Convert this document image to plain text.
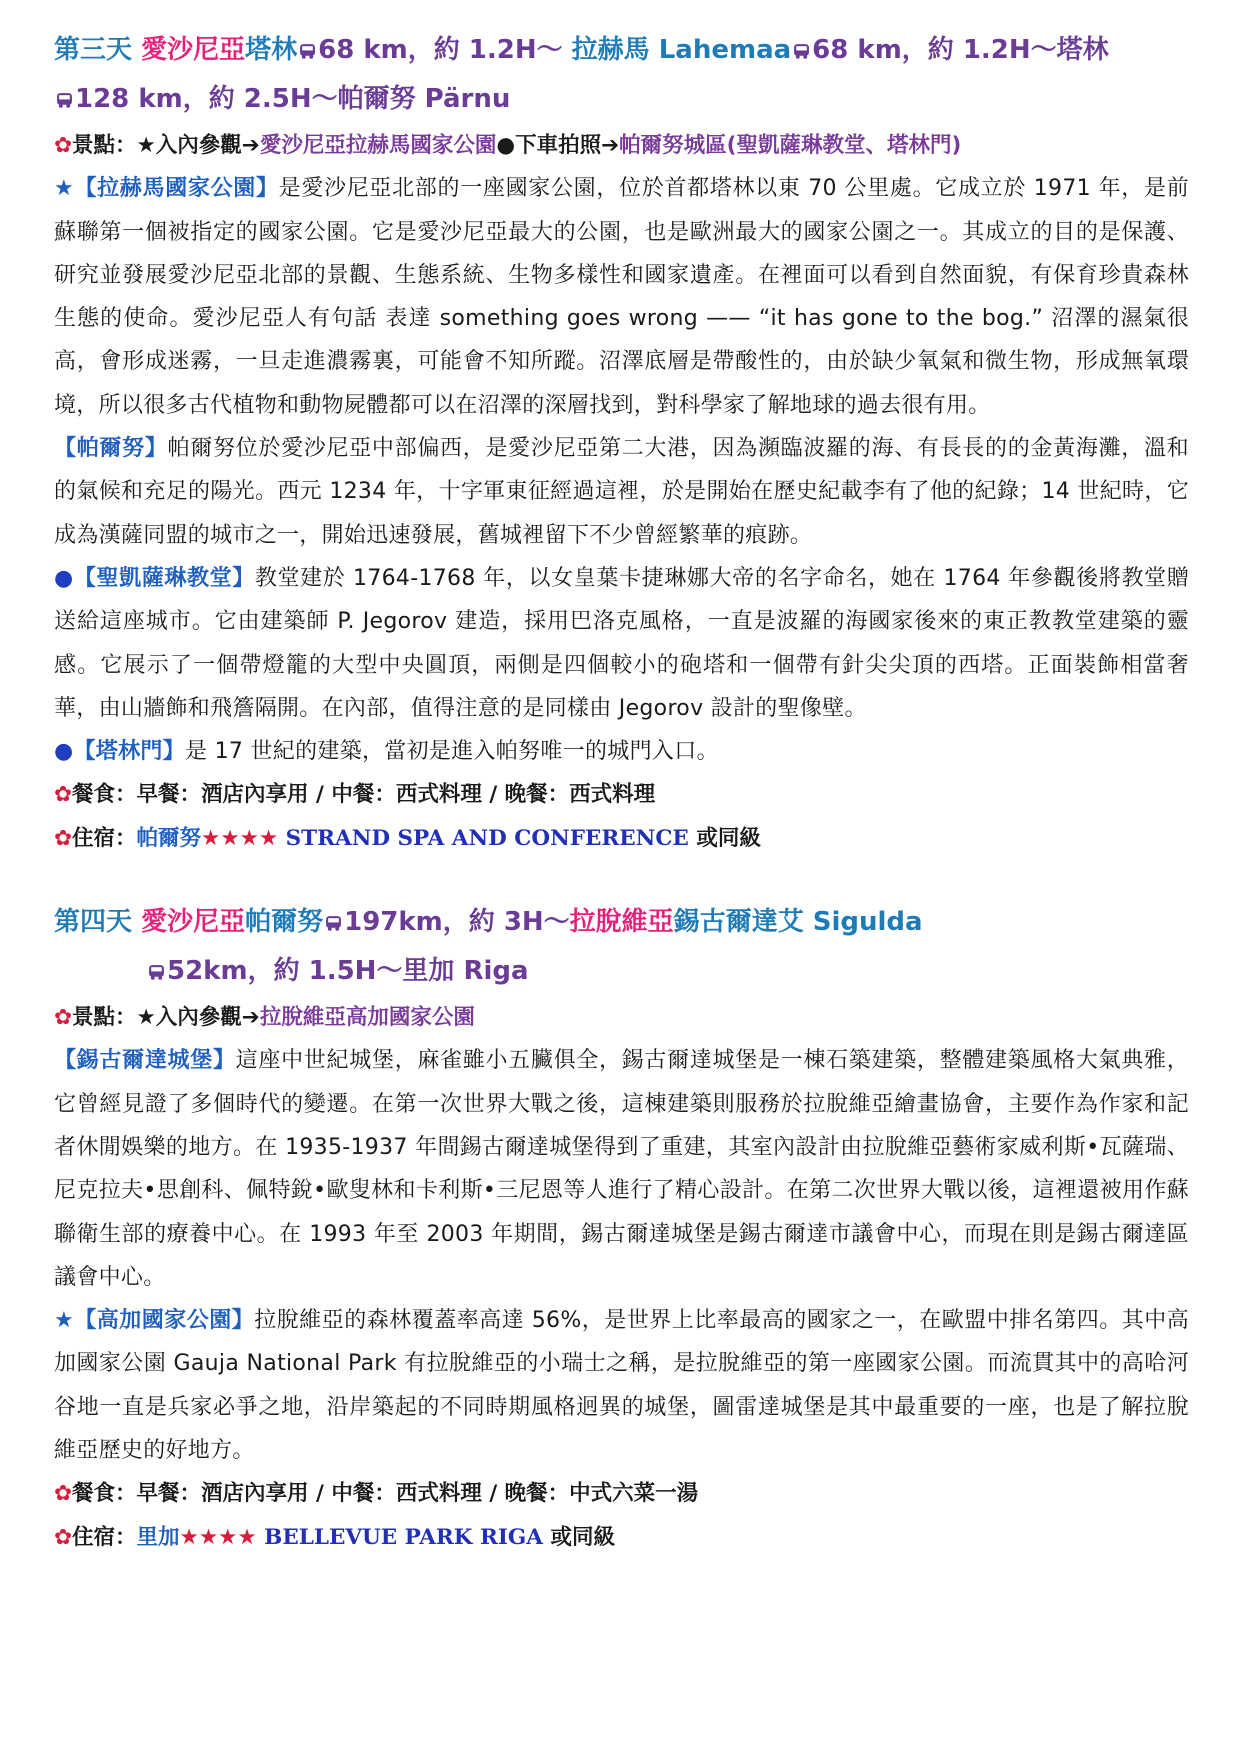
第三天 愛沙尼亞塔林 68 km，約 1.2H～ 拉赫馬 Lahemaa 68 km，約 1.2H～塔林
128 km，約 2.5H～帕爾努 Pärnu

✿景點：★入內參觀➔愛沙尼亞拉赫馬國家公園●下車拍照➔帕爾努城區(聖凱薩琳教堂、塔林門)

★【拉赫馬國家公園】是愛沙尼亞北部的一座國家公園，位於首都塔林以東 70 公里處。它成立於 1971 年，是前蘇聯第一個被指定的國家公園。它是愛沙尼亞最大的公園，也是歐洲最大的國家公園之一。其成立的目的是保護、研究並發展愛沙尼亞北部的景觀、生態系統、生物多樣性和國家遺產。在裡面可以看到自然面貌，有保育珍貴森林生態的使命。愛沙尼亞人有句話 表達 something goes wrong —— “it has gone to the bog.” 沼澤的濕氣很高，會形成迷霧，一旦走進濃霧裏，可能會不知所蹤。沼澤底層是帶酸性的，由於缺少氧氣和微生物，形成無氧環境，所以很多古代植物和動物屍體都可以在沼澤的深層找到，對科學家了解地球的過去很有用。

【帕爾努】帕爾努位於愛沙尼亞中部偏西，是愛沙尼亞第二大港，因為瀕臨波羅的海、有長長的的金黃海灘，溫和的氣候和充足的陽光。西元 1234 年，十字軍東征經過這裡，於是開始在歷史紀載李有了他的紀錄；14 世紀時，它成為漢薩同盟的城市之一，開始迅速發展，舊城裡留下不少曾經繁華的痕跡。

●【聖凱薩琳教堂】教堂建於 1764-1768 年，以女皇葉卡捷琳娜大帝的名字命名，她在 1764 年參觀後將教堂贈送給這座城市。它由建築師 P. Jegorov 建造，採用巴洛克風格，一直是波羅的海國家後來的東正教教堂建築的靈感。它展示了一個帶燈籠的大型中央圓頂，兩側是四個較小的砲塔和一個帶有針尖尖頂的西塔。正面裝飾相當奢華，由山牆飾和飛簷隔開。在內部，值得注意的是同樣由 Jegorov 設計的聖像壁。

●【塔林門】是 17 世紀的建築，當初是進入帕努唯一的城門入口。

✿餐食：早餐：酒店內享用 / 中餐：西式料理 / 晚餐：西式料理

✿住宿：帕爾努★★★★ STRAND SPA AND CONFERENCE 或同級

第四天 愛沙尼亞帕爾努 197km，約 3H～拉脫維亞錫古爾達艾 Sigulda
52km，約 1.5H～里加 Riga

✿景點：★入內參觀➔拉脫維亞高加國家公園

【錫古爾達城堡】這座中世紀城堡，麻雀雖小五臟俱全，錫古爾達城堡是一棟石築建築，整體建築風格大氣典雅，它曾經見證了多個時代的變遷。在第一次世界大戰之後，這棟建築則服務於拉脫維亞繪畫協會，主要作為作家和記者休閒娛樂的地方。在 1935-1937 年間錫古爾達城堡得到了重建，其室內設計由拉脫維亞藝術家威利斯•瓦薩瑞、尼克拉夫•思創科、佩特銳•歐叟林和卡利斯•三尼恩等人進行了精心設計。在第二次世界大戰以後，這裡還被用作蘇聯衛生部的療養中心。在 1993 年至 2003 年期間，錫古爾達城堡是錫古爾達市議會中心，而現在則是錫古爾達區議會中心。

★【高加國家公園】拉脫維亞的森林覆蓋率高達 56%，是世界上比率最高的國家之一，在歐盟中排名第四。其中高加國家公園 Gauja National Park 有拉脫維亞的小瑞士之稱，是拉脫維亞的第一座國家公園。而流貫其中的高哈河谷地一直是兵家必爭之地，沿岸築起的不同時期風格迥異的城堡，圖雷達城堡是其中最重要的一座，也是了解拉脫維亞歷史的好地方。

✿餐食：早餐：酒店內享用 / 中餐：西式料理 / 晚餐：中式六菜一湯

✿住宿：里加★★★★ BELLEVUE PARK RIGA 或同級
